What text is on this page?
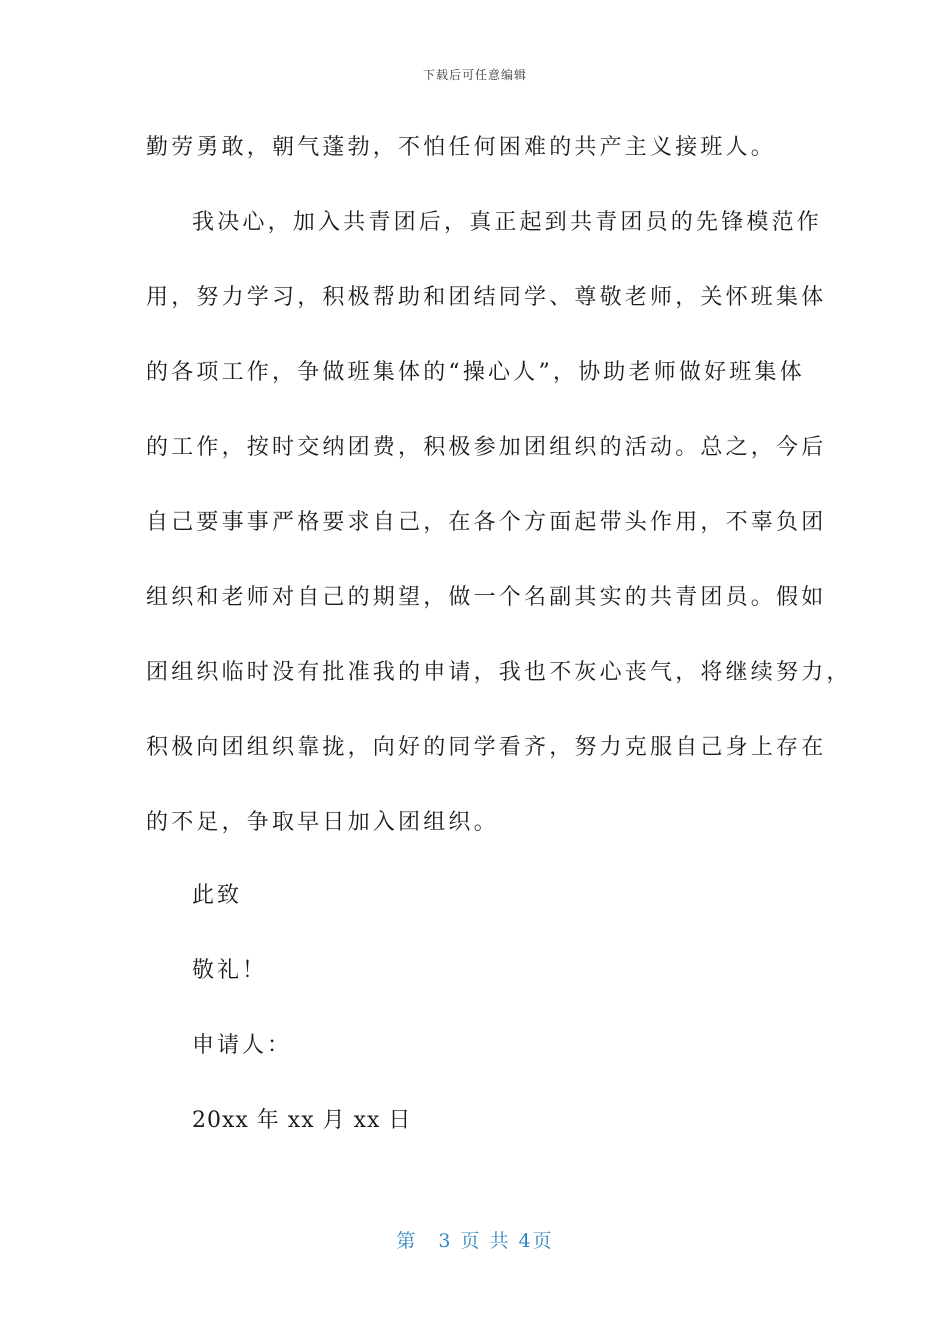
下载后可任意编辑
勤劳勇敢，朝气蓬勃，不怕任何困难的共产主义接班人。
我决心，加入共青团后，真正起到共青团员的先锋模范作
用，努力学习，积极帮助和团结同学、尊敬老师，关怀班集体
的各项工作，争做班集体的“操心人”，协助老师做好班集体
的工作，按时交纳团费，积极参加团组织的活动。总之，今后
自己要事事严格要求自己，在各个方面起带头作用，不辜负团
组织和老师对自己的期望，做一个名副其实的共青团员。假如
团组织临时没有批准我的申请，我也不灰心丧气，将继续努力，
积极向团组织靠拢，向好的同学看齐，努力克服自己身上存在
的不足，争取早日加入团组织。
此致
敬礼！
申请人：
20xx 年 xx 月 xx 日
第　3 页 共 4页
